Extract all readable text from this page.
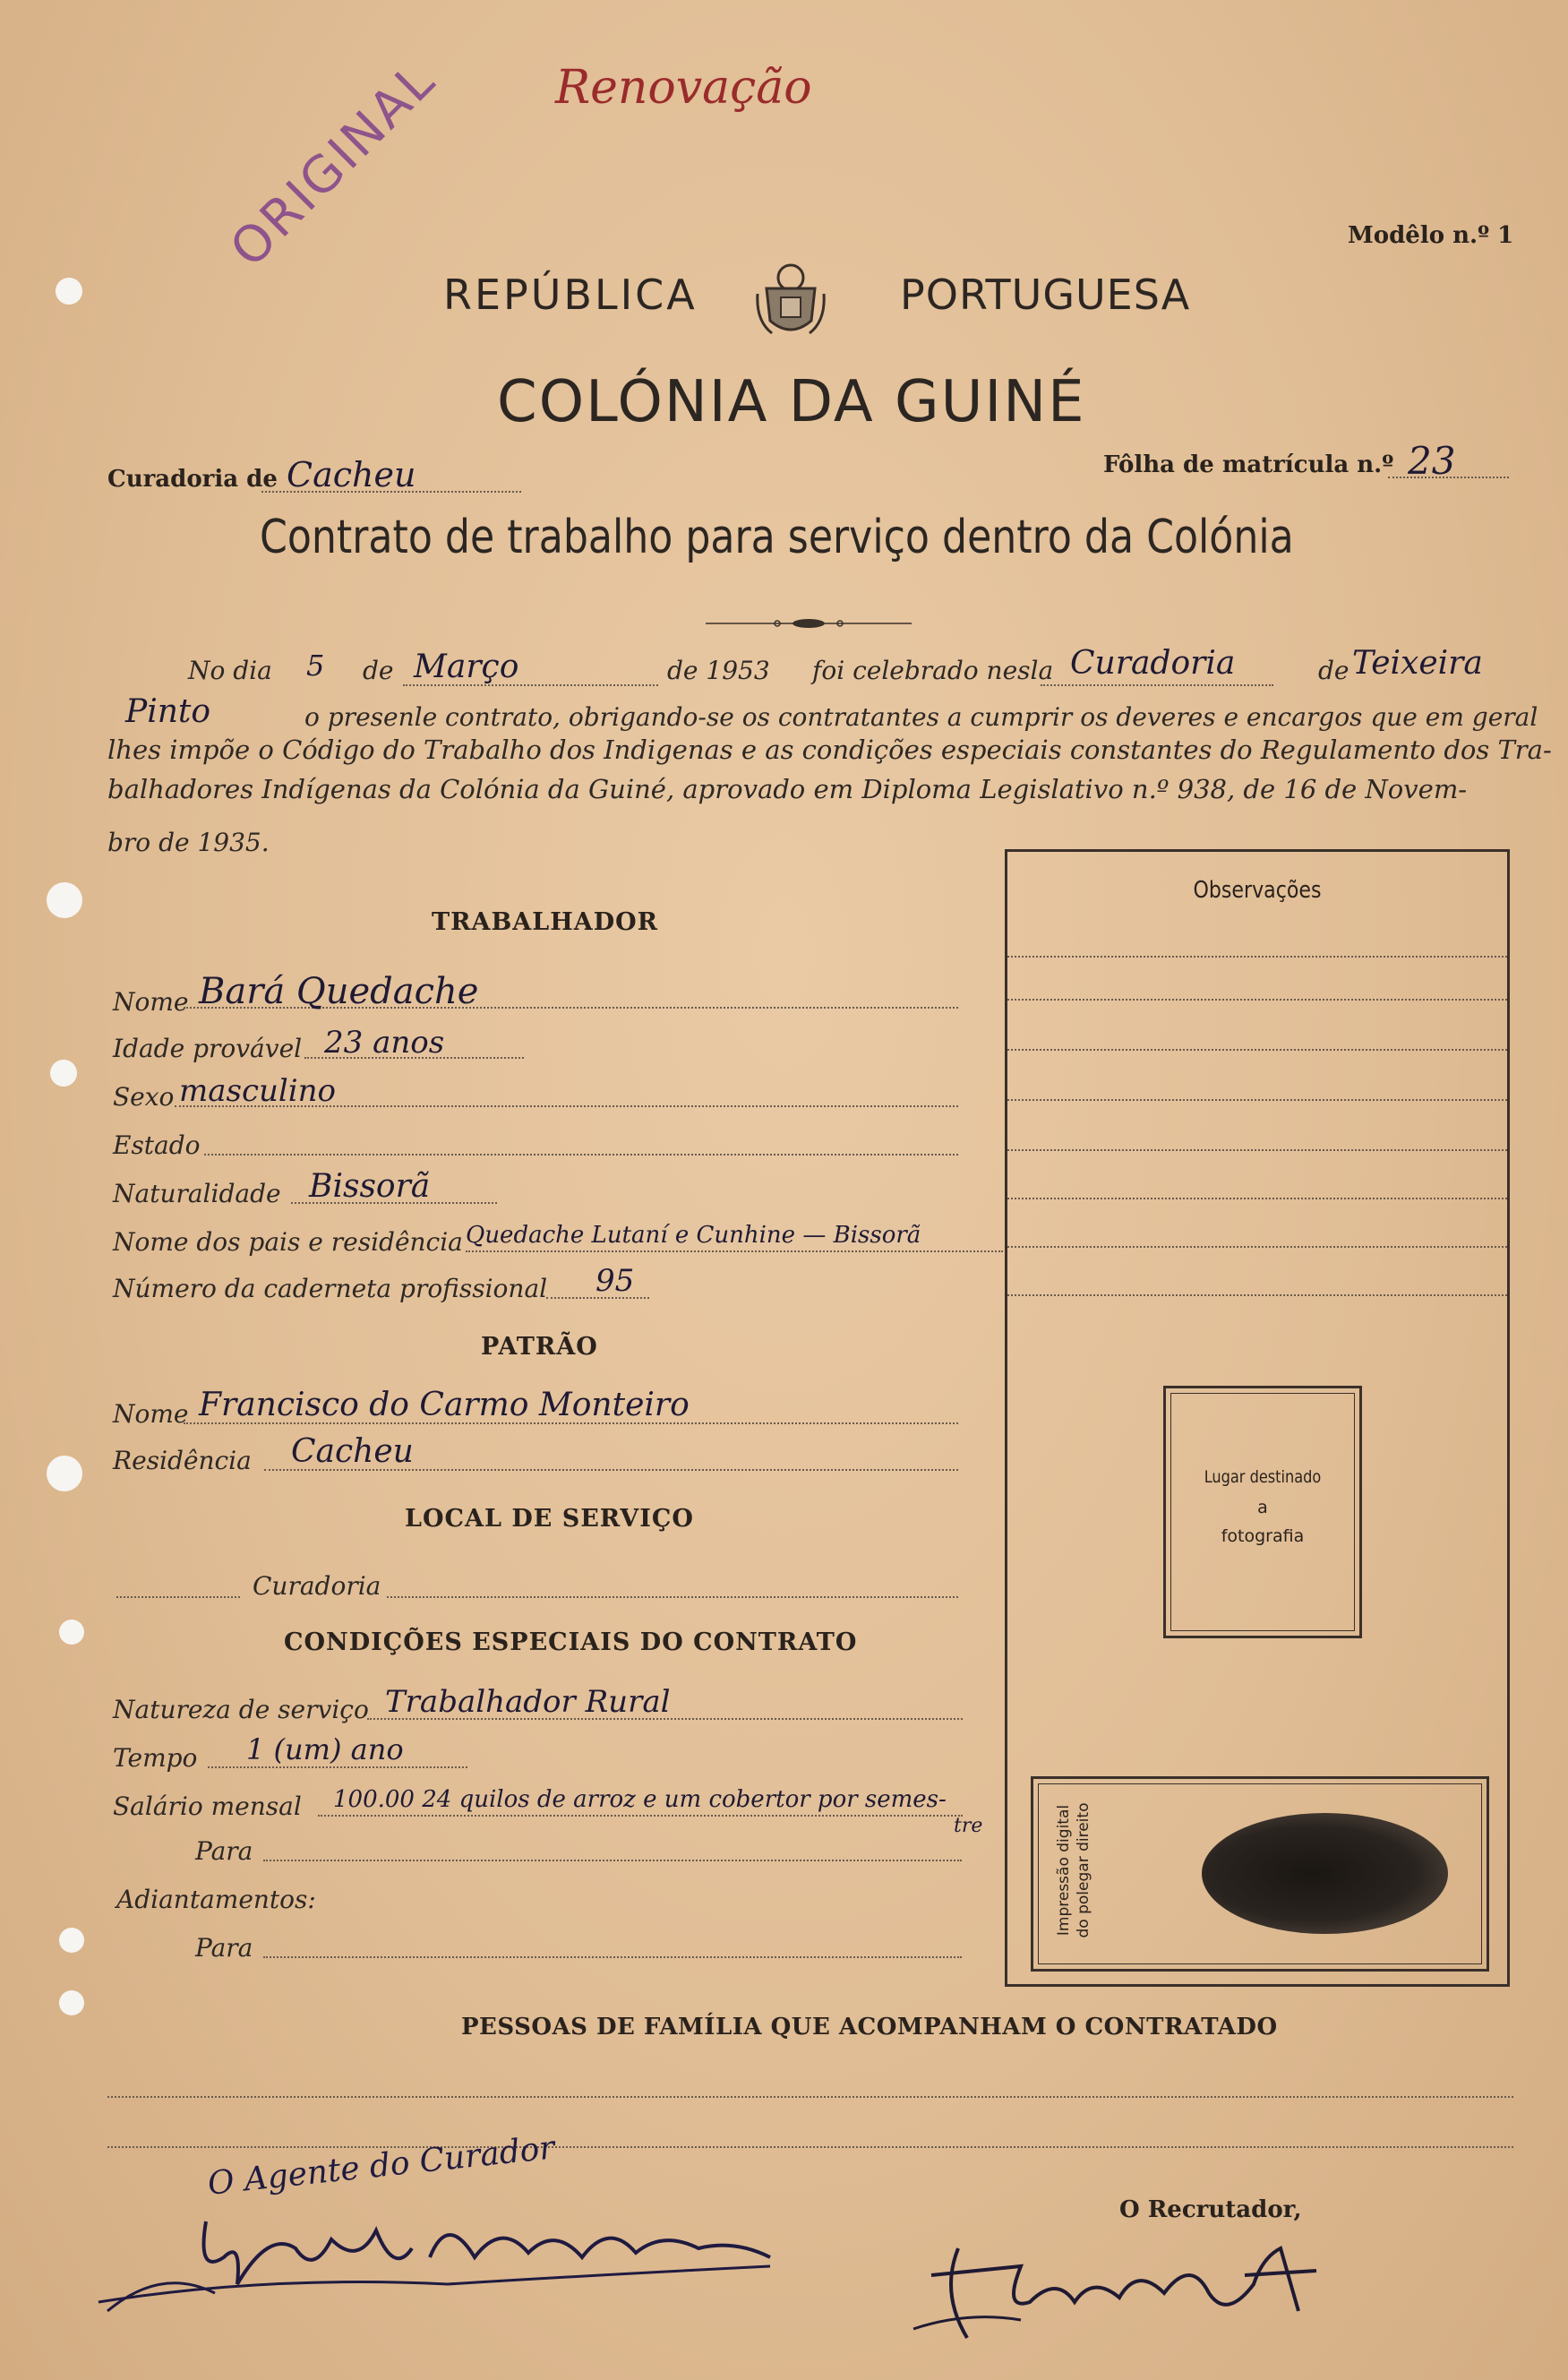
Renovação
ORIGINAL	Modêlo n.º 1
REPÚBLICA	PORTUGUESA
COLÓNIA DA GUINÉ
Curadoria de Cacheu	Fôlha de matrícula n.º 23
Contrato de trabalho para serviço dentro da Colónia
No dia 5 de Março	de 1953 foi celebrado nesla Curadoria	de Teixeira
Pinto	o presenle contrato, obrigando-se os contratantes a cumprir os deveres e encargos que em geral
lhes impõe o Código do Trabalho dos Indigenas e as condições especiais constantes do Regulamento dos Tra-
balhadores Indígenas da Colónia da Guiné, aprovado em Diploma Legislativo n.º 938, de 16 de Novem-
bro de 1935.
TRABALHADOR
Nome Bará Quedache
Idade provável 23 anos
Sexo masculino
Estado
Naturalidade Bissorã
Nome dos pais e residência Quedache Lutaní e Cunhine — Bissorã
Número da caderneta profissional 95
PATRÃO
Nome Francisco do Carmo Monteiro
Residência Cacheu
LOCAL DE SERVIÇO
Curadoria
CONDIÇÕES ESPECIAIS DO CONTRATO
Natureza de serviço Trabalhador Rural
Tempo 1 (um) ano
Salário mensal 100.00 24 quilos de arroz e um cobertor por semes-
tre
Para
Adiantamentos:
Para
Observações
Lugar destinado
a
fotografia
Impressão digital do polegar direito
PESSOAS DE FAMÍLIA QUE ACOMPANHAM O CONTRATADO
O Agente do Curador
O Recrutador,
